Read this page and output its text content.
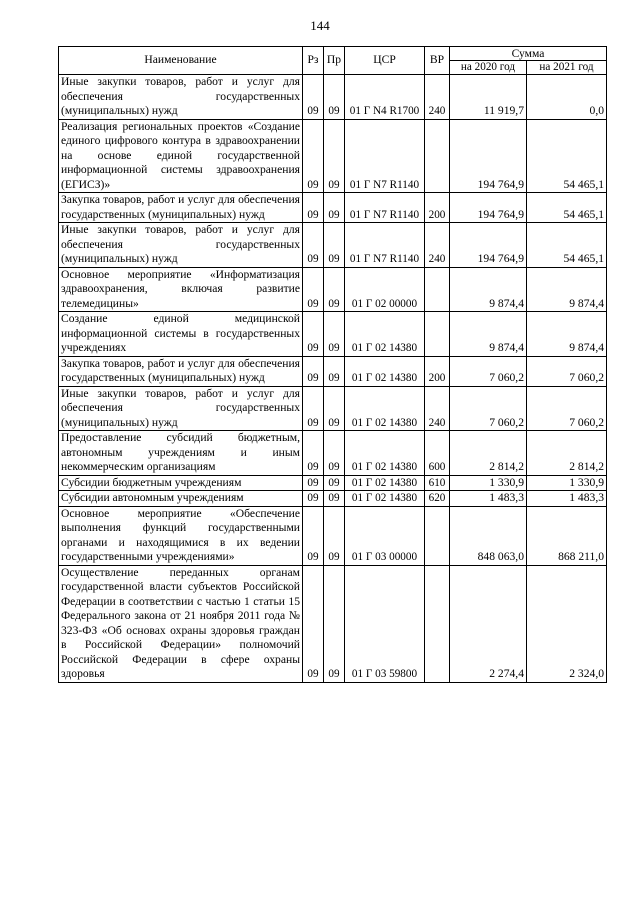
144
Наименование	Рз	Пр	ЦСР	ВР	Сумма	
					на 2020 год	на 2021 год
Иные закупки товаров, работ и услуг для обеспечения государственных (муниципальных) нужд	09	09	01 Г N4 R1700	240	11 919,7	0,0
Реализация региональных проектов «Создание единого цифрового контура в здравоохранении на основе единой государственной информационной системы здравоохранения (ЕГИСЗ)»	09	09	01 Г N7 R1140		194 764,9	54 465,1
Закупка товаров, работ и услуг для обеспечения государственных (муниципальных) нужд	09	09	01 Г N7 R1140	200	194 764,9	54 465,1
Иные закупки товаров, работ и услуг для обеспечения государственных (муниципальных) нужд	09	09	01 Г N7 R1140	240	194 764,9	54 465,1
Основное мероприятие «Информатизация здравоохранения, включая развитие телемедицины»	09	09	01 Г 02 00000		9 874,4	9 874,4
Создание единой медицинской информационной системы в государственных учреждениях	09	09	01 Г 02 14380		9 874,4	9 874,4
Закупка товаров, работ и услуг для обеспечения государственных (муниципальных) нужд	09	09	01 Г 02 14380	200	7 060,2	7 060,2
Иные закупки товаров, работ и услуг для обеспечения государственных (муниципальных) нужд	09	09	01 Г 02 14380	240	7 060,2	7 060,2
Предоставление субсидий бюджетным, автономным учреждениям и иным некоммерческим организациям	09	09	01 Г 02 14380	600	2 814,2	2 814,2
Субсидии бюджетным учреждениям	09	09	01 Г 02 14380	610	1 330,9	1 330,9
Субсидии автономным учреждениям	09	09	01 Г 02 14380	620	1 483,3	1 483,3
Основное мероприятие «Обеспечение выполнения функций государственными органами и находящимися в их ведении государственными учреждениями»	09	09	01 Г 03 00000		848 063,0	868 211,0
Осуществление переданных органам государственной власти субъектов Российской Федерации в соответствии с частью 1 статьи 15 Федерального закона от 21 ноября 2011 года № 323-ФЗ «Об основах охраны здоровья граждан в Российской Федерации» полномочий Российской Федерации в сфере охраны здоровья	09	09	01 Г 03 59800		2 274,4	2 324,0
